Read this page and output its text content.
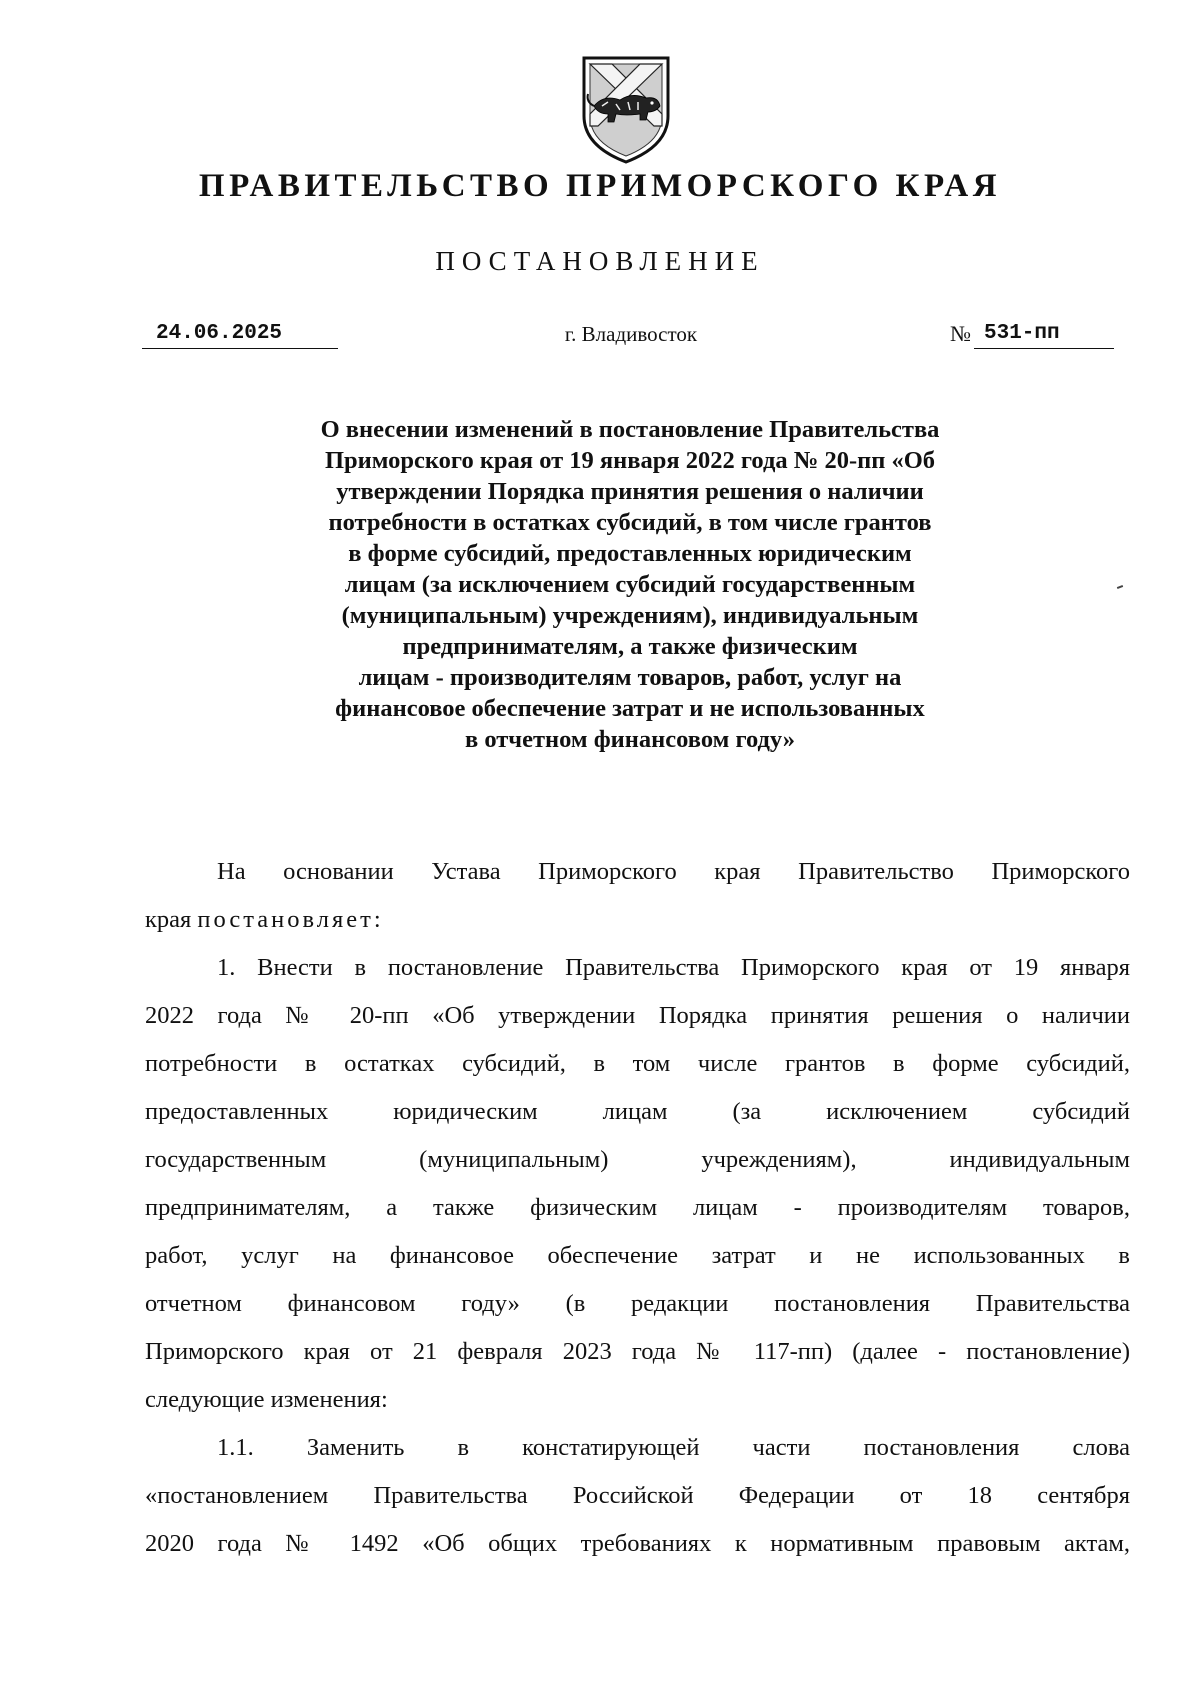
ПРАВИТЕЛЬСТВО ПРИМОРСКОГО КРАЯ
ПОСТАНОВЛЕНИЕ
24.06.2025	г. Владивосток	№ 531-пп
О внесении изменений в постановление Правительства
Приморского края от 19 января 2022 года № 20-пп «Об
утверждении Порядка принятия решения о наличии
потребности в остатках субсидий, в том числе грантов
в форме субсидий, предоставленных юридическим
лицам (за исключением субсидий государственным
(муниципальным) учреждениям), индивидуальным
предпринимателям, а также физическим
лицам - производителям товаров, работ, услуг на
финансовое обеспечение затрат и не использованных
в отчетном финансовом году»
На основании Устава Приморского края Правительство Приморского
края постановляет:
1. Внести в постановление Правительства Приморского края от 19 января
2022 года № 20-пп «Об утверждении Порядка принятия решения о наличии
потребности в остатках субсидий, в том числе грантов в форме субсидий,
предоставленных юридическим лицам (за исключением субсидий
государственным (муниципальным) учреждениям), индивидуальным
предпринимателям, а также физическим лицам - производителям товаров,
работ, услуг на финансовое обеспечение затрат и не использованных в
отчетном финансовом году» (в редакции постановления Правительства
Приморского края от 21 февраля 2023 года № 117-пп) (далее - постановление)
следующие изменения:
1.1. Заменить в констатирующей части постановления слова
«постановлением Правительства Российской Федерации от 18 сентября
2020 года № 1492 «Об общих требованиях к нормативным правовым актам,
